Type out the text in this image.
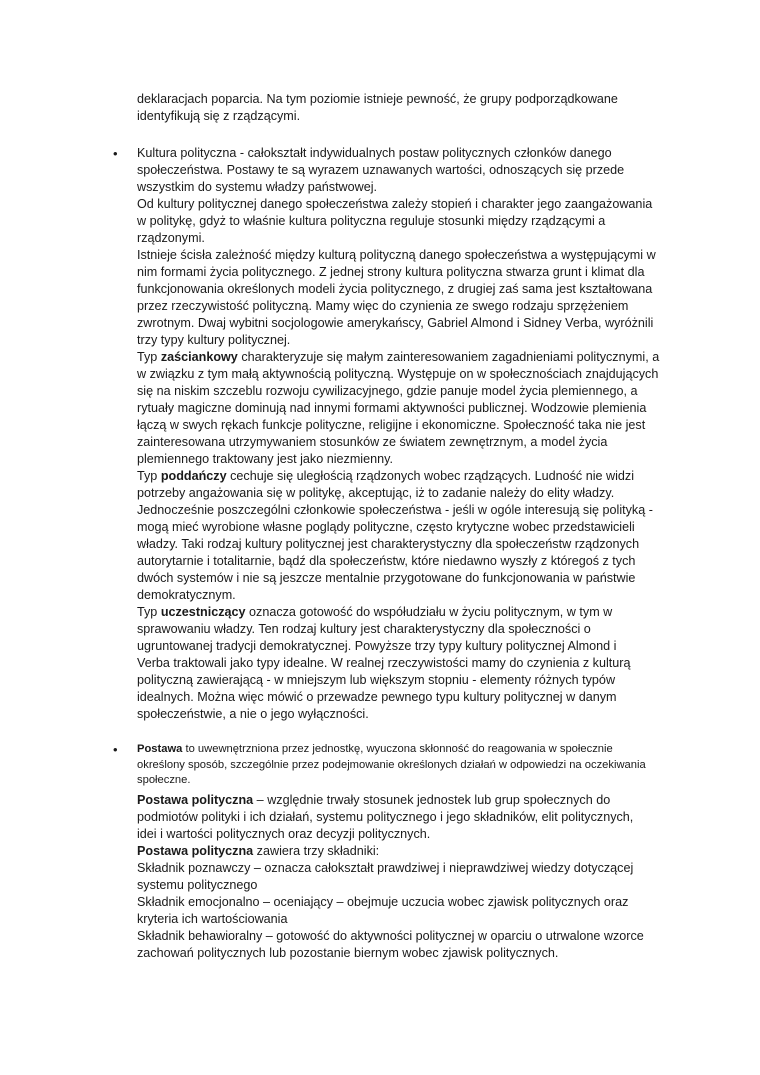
deklaracjach poparcia. Na tym poziomie istnieje pewność, że grupy podporządkowane

identyfikują się z rządzącymi.

• Kultura polityczna - całokształt indywidualnych postaw politycznych członków danego

społeczeństwa. Postawy te są wyrazem uznawanych wartości, odnoszących się przede

wszystkim do systemu władzy państwowej.

Od kultury politycznej danego społeczeństwa zależy stopień i charakter jego zaangażowania

w politykę, gdyż to właśnie kultura polityczna reguluje stosunki między rządzącymi a

rządzonymi.

Istnieje ścisła zależność między kulturą polityczną danego społeczeństwa a występującymi w

nim formami życia politycznego. Z jednej strony kultura polityczna stwarza grunt i klimat dla

funkcjonowania określonych modeli życia politycznego, z drugiej zaś sama jest kształtowana

przez rzeczywistość polityczną. Mamy więc do czynienia ze swego rodzaju sprzężeniem

zwrotnym. Dwaj wybitni socjologowie amerykańscy, Gabriel Almond i Sidney Verba, wyróżnili

trzy typy kultury politycznej.

Typ zaściankowy charakteryzuje się małym zainteresowaniem zagadnieniami politycznymi, a

w związku z tym małą aktywnością polityczną. Występuje on w społecznościach znajdujących

się na niskim szczeblu rozwoju cywilizacyjnego, gdzie panuje model życia plemiennego, a

rytuały magiczne dominują nad innymi formami aktywności publicznej. Wodzowie plemienia

łączą w swych rękach funkcje polityczne, religijne i ekonomiczne. Społeczność taka nie jest

zainteresowana utrzymywaniem stosunków ze światem zewnętrznym, a model życia

plemiennego traktowany jest jako niezmienny.

Typ poddańczy cechuje się uległością rządzonych wobec rządzących. Ludność nie widzi

potrzeby angażowania się w politykę, akceptując, iż to zadanie należy do elity władzy.

Jednocześnie poszczególni członkowie społeczeństwa - jeśli w ogóle interesują się polityką -

mogą mieć wyrobione własne poglądy polityczne, często krytyczne wobec przedstawicieli

władzy. Taki rodzaj kultury politycznej jest charakterystyczny dla społeczeństw rządzonych

autorytarnie i totalitarnie, bądź dla społeczeństw, które niedawno wyszły z któregoś z tych

dwóch systemów i nie są jeszcze mentalnie przygotowane do funkcjonowania w państwie

demokratycznym.

Typ uczestniczący oznacza gotowość do współudziału w życiu politycznym, w tym w

sprawowaniu władzy. Ten rodzaj kultury jest charakterystyczny dla społeczności o

ugruntowanej tradycji demokratycznej. Powyższe trzy typy kultury politycznej Almond i

Verba traktowali jako typy idealne. W realnej rzeczywistości mamy do czynienia z kulturą

polityczną zawierającą - w mniejszym lub większym stopniu - elementy różnych typów

idealnych. Można więc mówić o przewadze pewnego typu kultury politycznej w danym

społeczeństwie, a nie o jego wyłączności.

•	Postawa to uwewnętrzniona przez jednostkę, wyuczona skłonność do reagowania w społecznie

określony sposób, szczególnie przez podejmowanie określonych działań w odpowiedzi na oczekiwania

społeczne.

Postawa polityczna – względnie trwały stosunek jednostek lub grup społecznych do

podmiotów polityki i ich działań, systemu politycznego i jego składników, elit politycznych,

idei i wartości politycznych oraz decyzji politycznych.

Postawa polityczna zawiera trzy składniki:

Składnik poznawczy – oznacza całokształt prawdziwej i nieprawdziwej wiedzy dotyczącej

systemu politycznego

Składnik emocjonalno – oceniający – obejmuje uczucia wobec zjawisk politycznych oraz

kryteria ich wartościowania

Składnik behawioralny – gotowość do aktywności politycznej w oparciu o utrwalone wzorce

zachowań politycznych lub pozostanie biernym wobec zjawisk politycznych.
